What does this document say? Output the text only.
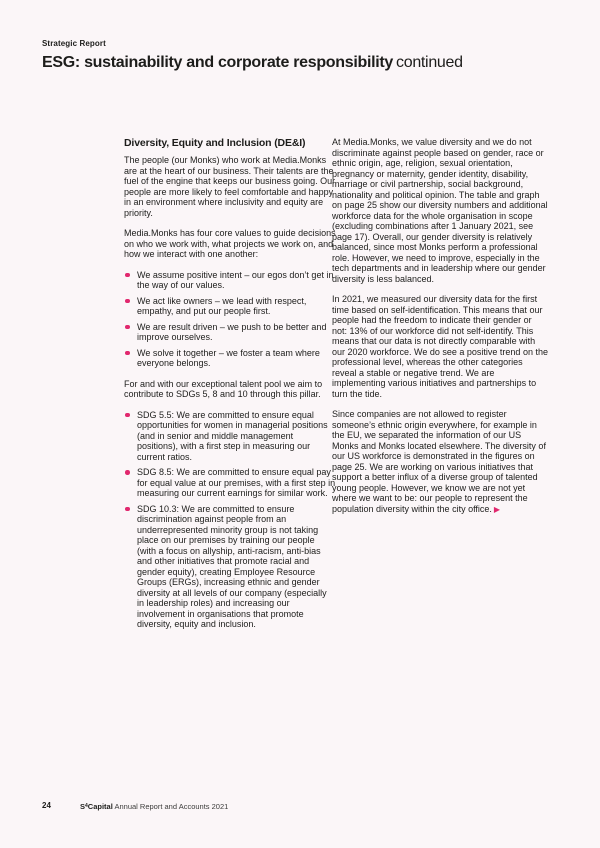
Strategic Report
ESG: sustainability and corporate responsibility continued
Diversity, Equity and Inclusion (DE&I)

The people (our Monks) who work at Media.Monks are at the heart of our business. Their talents are the fuel of the engine that keeps our business going. Our people are more likely to feel comfortable and happy in an environment where inclusivity and equity are priority.

Media.Monks has four core values to guide decisions on who we work with, what projects we work on, and how we interact with one another:

We assume positive intent – our egos don’t get in the way of our values.
We act like owners – we lead with respect, empathy, and put our people first.
We are result driven – we push to be better and improve ourselves.
We solve it together – we foster a team where everyone belongs.

For and with our exceptional talent pool we aim to contribute to SDGs 5, 8 and 10 through this pillar.

SDG 5.5: We are committed to ensure equal opportunities for women in managerial positions (and in senior and middle management positions), with a first step in measuring our current ratios.
SDG 8.5: We are committed to ensure equal pay for equal value at our premises, with a first step in measuring our current earnings for similar work.
SDG 10.3: We are committed to ensure discrimination against people from an underrepresented minority group is not taking place on our premises by training our people (with a focus on allyship, anti-racism, anti-bias and other initiatives that promote racial and gender equity), creating Employee Resource Groups (ERGs), increasing ethnic and gender diversity at all levels of our company (especially in leadership roles) and increasing our involvement in organisations that promote diversity, equity and inclusion.

At Media.Monks, we value diversity and we do not discriminate against people based on gender, race or ethnic origin, age, religion, sexual orientation, pregnancy or maternity, gender identity, disability, marriage or civil partnership, social background, nationality and political opinion. The table and graph on page 25 show our diversity numbers and additional workforce data for the whole organisation in scope (excluding combinations after 1 January 2021, see page 17). Overall, our gender diversity is relatively balanced, since most Monks perform a professional role. However, we need to improve, especially in the tech departments and in leadership where our gender diversity is less balanced.

In 2021, we measured our diversity data for the first time based on self-identification. This means that our people had the freedom to indicate their gender or not: 13% of our workforce did not self-identify. This means that our data is not directly comparable with our 2020 workforce. We do see a positive trend on the professional level, whereas the other categories reveal a stable or negative trend. We are implementing various initiatives and partnerships to turn the tide.

Since companies are not allowed to register someone’s ethnic origin everywhere, for example in the EU, we separated the information of our US Monks and Monks located elsewhere. The diversity of our US workforce is demonstrated in the figures on page 25. We are working on various initiatives that support a better influx of a diverse group of talented young people. However, we know we are not yet where we want to be: our people to represent the population diversity within the city office. ▶

24	$S^4Capital$ Annual Report and Accounts 2021
